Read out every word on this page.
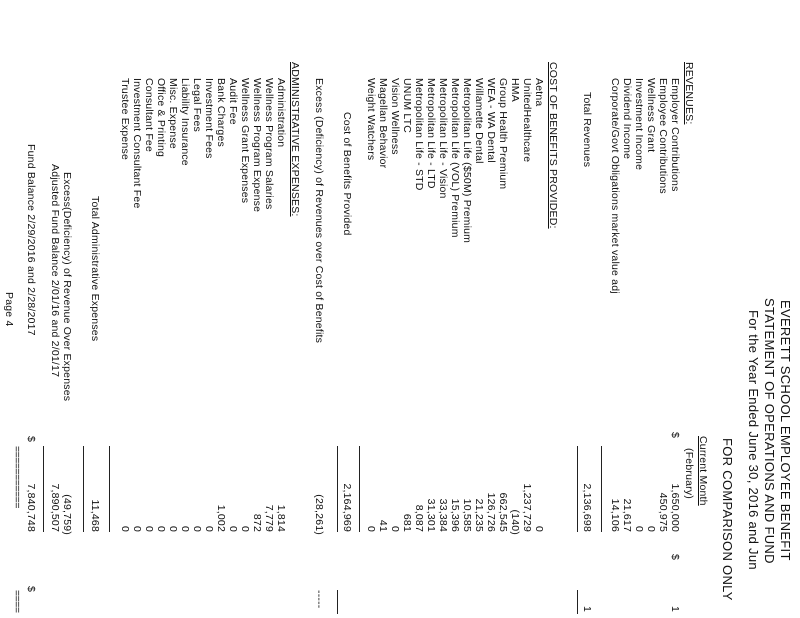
EVERETT SCHOOL EMPLOYEE BENEFIT
STATEMENT OF OPERATIONS AND FUND
For the Year Ended June 30, 2016 and Jun
FOR COMPARISON ONLY
Current Month
(February)
REVENUES:
$
$
1
Employer Contributions
1,650,000
Employee Contributions
450,975
Wellness Grant
0
Investment Income
0
Dividend Income
21,617
Corporate/Govt Obligations market value adj
14,106
Total Revenues
2,136,698
1
COST OF BENEFITS PROVIDED:
Aetna
0
UnitedHealthcare
1,237,729
HMA
(140)
Group Health Premium
662,545
WEA - WA Dental
126,726
Willamette Dental
21,235
Metropolitan Life ($50M) Premium
10,585
Metropolitan Life (VOL) Premium
15,396
Metropolitan Life - Vision
33,384
Metropolitan Life - LTD
31,301
Metropolitan Life - STD
8,087
UNUM LTC
681
Vision Wellness
0
Magellan Behavior
41
Weight Watchers
0
Cost of Benefits Provided
2,164,969
Excess (Deficiency) of Revenues over Cost of Benefits
(28,261)
-----
ADMINISTRATIVE EXPENSES:
Administration
1,814
Wellness Program Salaries
7,779
Wellness Program Expense
872
Wellness Grant Expenses
0
Audit Fee
0
Bank Charges
1,002
Investment Fees
0
Legal Fees
0
Liability Insurance
0
Misc. Expense
0
Office & Printing
0
Consultant Fee
0
Investment Consultant Fee
0
Trustee Expense
0
Total Administrative Expenses
11,468
Excess(Deficiency) of Revenue Over Expenses
(49,759)
Adjusted Fund Balance 2/01/16 and 2/01/17
7,890,507
Fund Balance 2/29/2016 and 2/28/2017
$
7,840,748
===========
$
====
Page 4
